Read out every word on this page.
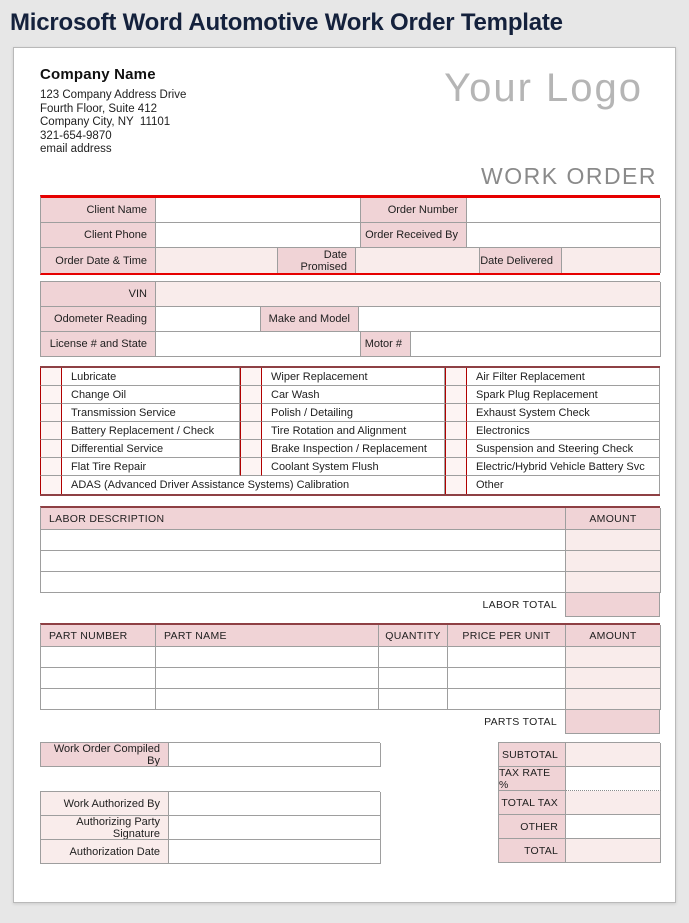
Microsoft Word Automotive Work Order Template
Company Name
123 Company Address Drive
Fourth Floor, Suite 412
Company City, NY  11101
321-654-9870
email address
Your Logo
WORK ORDER
Client Name	Order Number
Client Phone	Order Received By
Order Date & Time	Date Promised	Date Delivered
VIN
Odometer Reading	Make and Model
License # and State	Motor #
Lubricate	Wiper Replacement	Air Filter Replacement
Change Oil	Car Wash	Spark Plug Replacement
Transmission Service	Polish / Detailing	Exhaust System Check
Battery Replacement / Check	Tire Rotation and Alignment	Electronics
Differential Service	Brake Inspection / Replacement	Suspension and Steering Check
Flat Tire Repair	Coolant System Flush	Electric/Hybrid Vehicle Battery Svc
ADAS (Advanced Driver Assistance Systems) Calibration	Other
LABOR DESCRIPTION	AMOUNT
LABOR TOTAL
PART NUMBER	PART NAME	QUANTITY	PRICE PER UNIT	AMOUNT
PARTS TOTAL
Work Order Compiled By
Work Authorized By
Authorizing Party Signature
Authorization Date
SUBTOTAL
TAX RATE %
TOTAL TAX
OTHER
TOTAL
